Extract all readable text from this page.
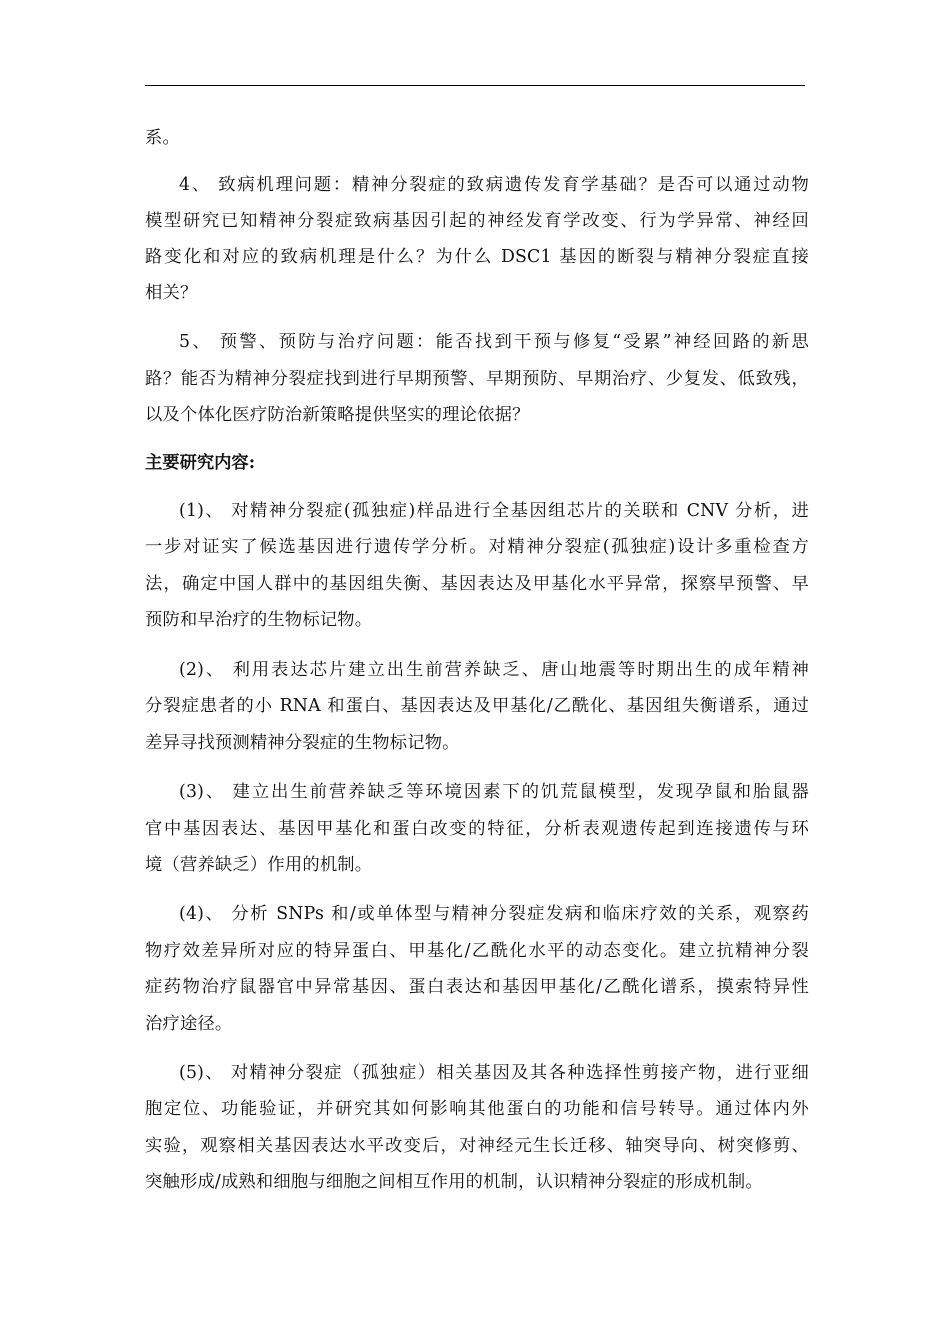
系。
4、 致病机理问题：精神分裂症的致病遗传发育学基础？是否可以通过动物
模型研究已知精神分裂症致病基因引起的神经发育学改变、行为学异常、神经回
路变化和对应的致病机理是什么？为什么 DSC1 基因的断裂与精神分裂症直接
相关？
5、 预警、预防与治疗问题：能否找到干预与修复“受累”神经回路的新思
路？能否为精神分裂症找到进行早期预警、早期预防、早期治疗、少复发、低致残，
以及个体化医疗防治新策略提供坚实的理论依据？
主要研究内容:
(1)、 对精神分裂症(孤独症)样品进行全基因组芯片的关联和 CNV 分析，进
一步对证实了候选基因进行遗传学分析。对精神分裂症(孤独症)设计多重检查方
法，确定中国人群中的基因组失衡、基因表达及甲基化水平异常，探察早预警、早
预防和早治疗的生物标记物。
(2)、 利用表达芯片建立出生前营养缺乏、唐山地震等时期出生的成年精神
分裂症患者的小 RNA 和蛋白、基因表达及甲基化/乙酰化、基因组失衡谱系，通过
差异寻找预测精神分裂症的生物标记物。
(3)、 建立出生前营养缺乏等环境因素下的饥荒鼠模型，发现孕鼠和胎鼠器
官中基因表达、基因甲基化和蛋白改变的特征，分析表观遗传起到连接遗传与环
境（营养缺乏）作用的机制。
(4)、 分析 SNPs 和/或单体型与精神分裂症发病和临床疗效的关系，观察药
物疗效差异所对应的特异蛋白、甲基化/乙酰化水平的动态变化。建立抗精神分裂
症药物治疗鼠器官中异常基因、蛋白表达和基因甲基化/乙酰化谱系，摸索特异性
治疗途径。
(5)、 对精神分裂症（孤独症）相关基因及其各种选择性剪接产物，进行亚细
胞定位、功能验证，并研究其如何影响其他蛋白的功能和信号转导。通过体内外
实验，观察相关基因表达水平改变后，对神经元生长迁移、轴突导向、树突修剪、
突触形成/成熟和细胞与细胞之间相互作用的机制，认识精神分裂症的形成机制。
